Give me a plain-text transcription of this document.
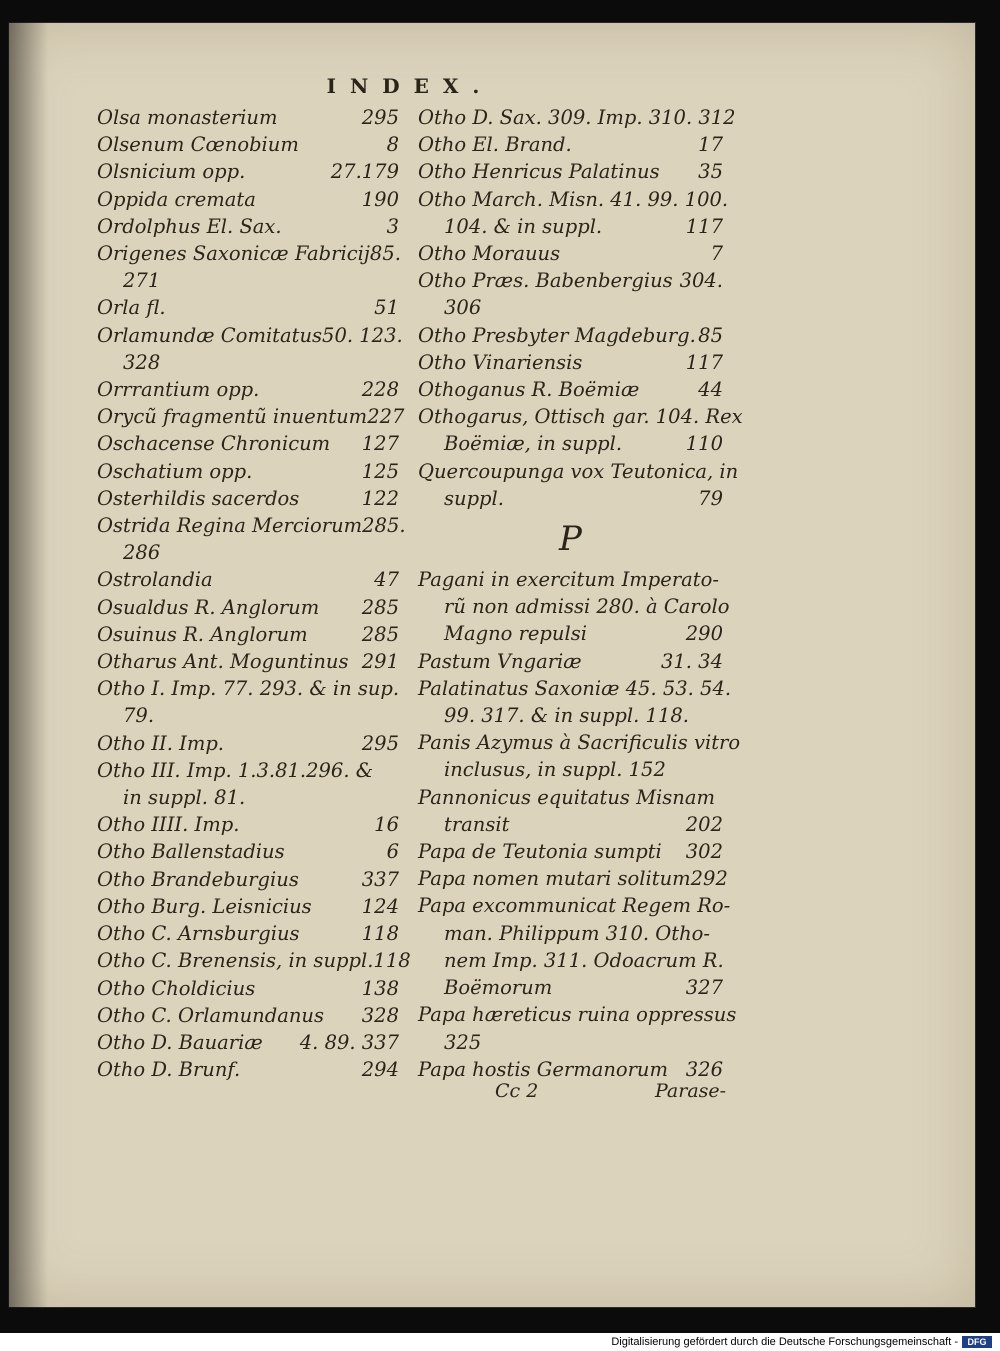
INDEX.
Olsa monasterium	295
Olsenum Cœnobium	8
Olsnicium opp.	27.179
Oppida cremata	190
Ordolphus El. Sax.	3
Origenes Saxonicæ Fabricij 85.
271
Orla fl.	51
Orlamundæ Comitatus 50. 123.
328
Orrrantium opp.	228
Orycũ fragmentũ inuentum 227
Oschacense Chronicum 127
Oschatium opp.	125
Osterhildis sacerdos	122
Ostrida Regina Merciorum 285.
286
Ostrolandia	47
Osualdus R. Anglorum 285
Osuinus R. Anglorum	285
Otharus Ant. Moguntinus 291
Otho I. Imp. 77. 293. & in sup.
79.
Otho II. Imp.	295
Otho III. Imp. 1.3.81.296. &
in suppl. 81.
Otho IIII. Imp.	16
Otho Ballenstadius	6
Otho Brandeburgius	337
Otho Burg. Leisnicius	124
Otho C. Arnsburgius	118
Otho C. Brenensis, in suppl. 118
Otho Choldicius	138
Otho C. Orlamundanus 328
Otho D. Bauariæ 4. 89. 337
Otho D. Brunf.	294
Otho D. Sax. 309. Imp. 310. 312
Otho El. Brand.	17
Otho Henricus Palatinus 35
Otho March. Misn. 41. 99. 100.
104. & in suppl.	117
Otho Morauus	7
Otho Præs. Babenbergius 304.
306
Otho Presbyter Magdeburg. 85
Otho Vinariensis	117
Othoganus R. Boëmiæ	44
Othogarus, Ottisch gar. 104. Rex
Boëmiæ, in suppl.	110
Quercoupunga vox Teutonica, in
suppl.	79
P
Pagani in exercitum Imperato-
rũ non admissi 280. à Carolo
Magno repulsi	290
Pastum Vngariæ	31. 34
Palatinatus Saxoniæ 45. 53. 54.
99. 317. & in suppl. 118.
Panis Azymus à Sacrificulis vitro
inclusus, in suppl. 152
Pannonicus equitatus Misnam
transit	202
Papa de Teutonia sumpti 302
Papa nomen mutari solitum 292
Papa excommunicat Regem Ro-
man. Philippum 310. Otho-
nem Imp. 311. Odoacrum R.
Boëmorum	327
Papa hæreticus ruina oppressus
325
Papa hostis Germanorum 326
Cc 2	Parase-
Digitalisierung gefördert durch die Deutsche Forschungsgemeinschaft -	DFG
